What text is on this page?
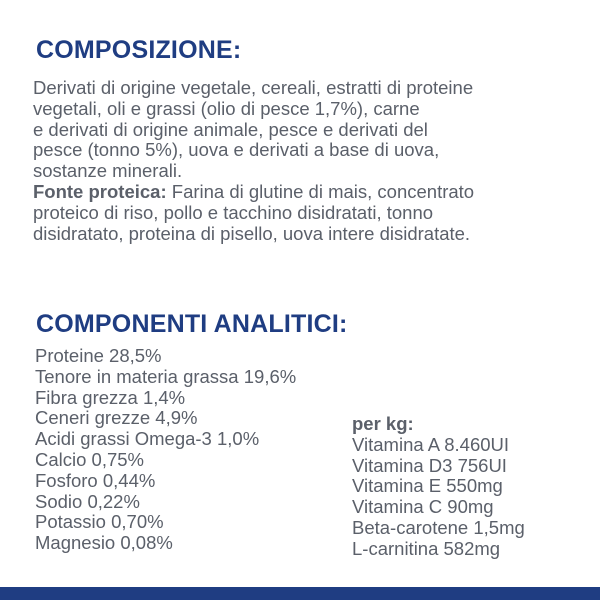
COMPOSIZIONE:

Derivati di origine vegetale, cereali, estratti di proteine
vegetali, oli e grassi (olio di pesce 1,7%), carne
e derivati di origine animale, pesce e derivati del
pesce (tonno 5%), uova e derivati a base di uova,
sostanze minerali.

Fonte proteica: Farina di glutine di mais, concentrato
proteico di riso, pollo e tacchino disidratati, tonno
disidratato, proteina di pisello, uova intere disidratate.

COMPONENTI ANALITICI:
Proteine 28,5%
Tenore in materia grassa 19,6%
Fibra grezza 1,4%
Ceneri grezze 4,9%
Acidi grassi Omega-3 1,0%
Calcio 0,75%
Fosforo 0,44%
Sodio 0,22%
Potassio 0,70%
Magnesio 0,08%
per kg:
Vitamina A 8.460UI
Vitamina D3 756UI
Vitamina E 550mg
Vitamina C 90mg
Beta-carotene 1,5mg
L-carnitina 582mg
